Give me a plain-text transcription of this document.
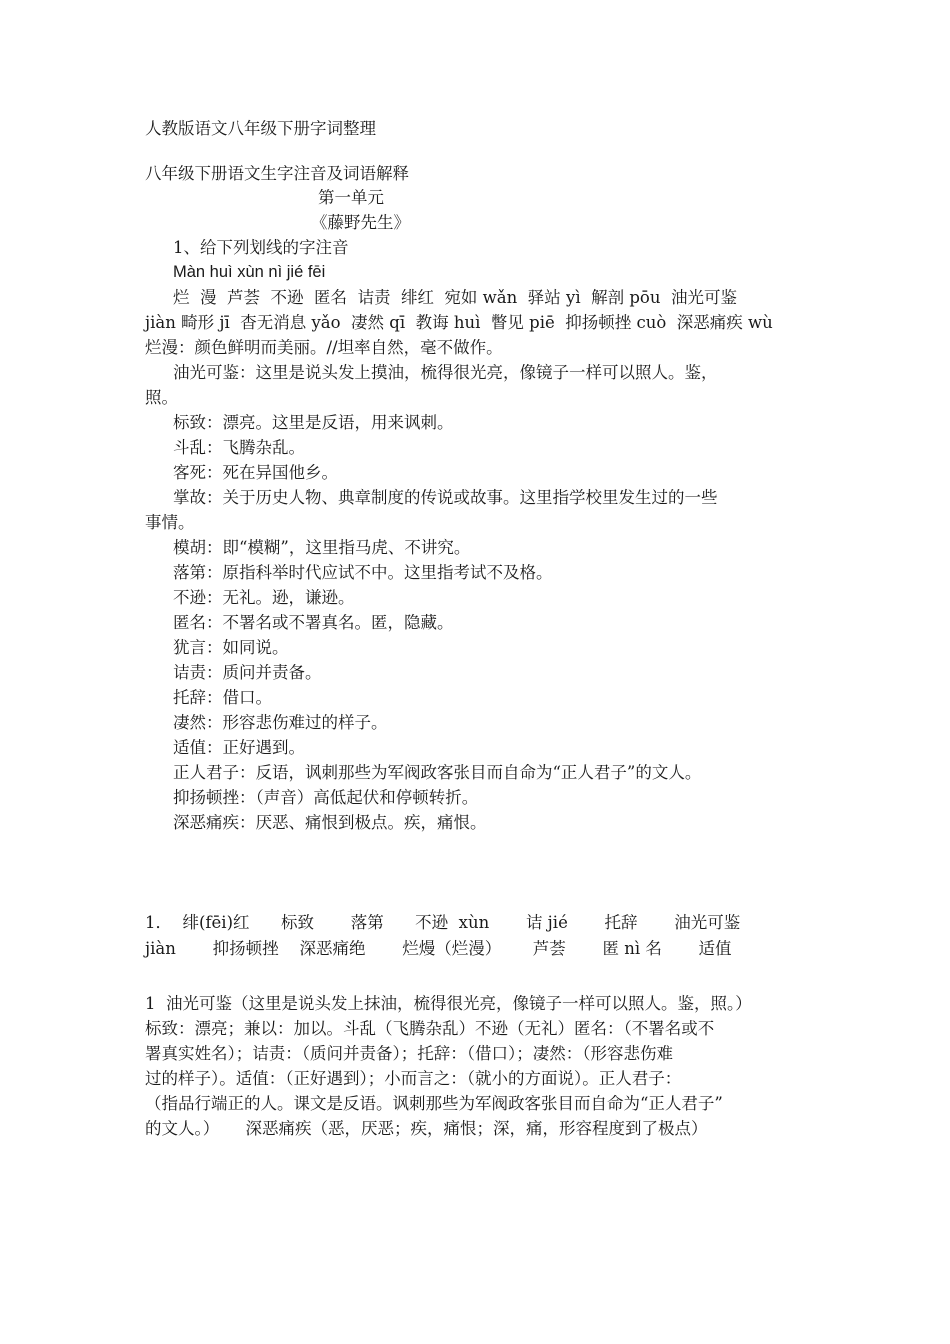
人教版语文八年级下册字词整理
八年级下册语文生字注音及词语解释
第一单元
《藤野先生》
1、给下列划线的字注音
Màn huì xùn nì jié fēi
烂  漫  芦荟  不逊  匿名  诘责  绯红  宛如 wǎn  驿站 yì  解剖 pōu  油光可鉴
jiàn 畸形 jī  杳无消息 yǎo  凄然 qī  教诲 huì  瞥见 piē  抑扬顿挫 cuò  深恶痛疾 wù
烂漫：颜色鲜明而美丽。//坦率自然，毫不做作。
油光可鉴：这里是说头发上摸油，梳得很光亮，像镜子一样可以照人。鉴，
照。
标致：漂亮。这里是反语，用来讽刺。
斗乱：飞腾杂乱。
客死：死在异国他乡。
掌故：关于历史人物、典章制度的传说或故事。这里指学校里发生过的一些
事情。
模胡：即“模糊”，这里指马虎、不讲究。
落第：原指科举时代应试不中。这里指考试不及格。
不逊：无礼。逊，谦逊。
匿名：不署名或不署真名。匿，隐藏。
犹言：如同说。
诘责：质问并责备。
托辞：借口。
凄然：形容悲伤难过的样子。
适值：正好遇到。
正人君子：反语，讽刺那些为军阀政客张目而自命为“正人君子”的文人。
抑扬顿挫：（声音）高低起伏和停顿转折。
深恶痛疾：厌恶、痛恨到极点。疾，痛恨。
1．  绯(fēi)红      标致       落第      不逊  xùn       诘 jié       托辞       油光可鉴
jiàn       抑扬顿挫    深恶痛绝       烂熳（烂漫）      芦荟       匿 nì 名       适值
1  油光可鉴（这里是说头发上抹油，梳得很光亮，像镜子一样可以照人。鉴，照。）
标致：漂亮；兼以：加以。斗乱（飞腾杂乱）不逊（无礼）匿名：（不署名或不
署真实姓名）；诘责：（质问并责备）；托辞：（借口）；凄然：（形容悲伤难
过的样子）。适值：（正好遇到）；小而言之：（就小的方面说）。正人君子：
（指品行端正的人。课文是反语。讽刺那些为军阀政客张目而自命为“正人君子”
的文人。）     深恶痛疾（恶，厌恶；疾，痛恨；深，痛，形容程度到了极点）
